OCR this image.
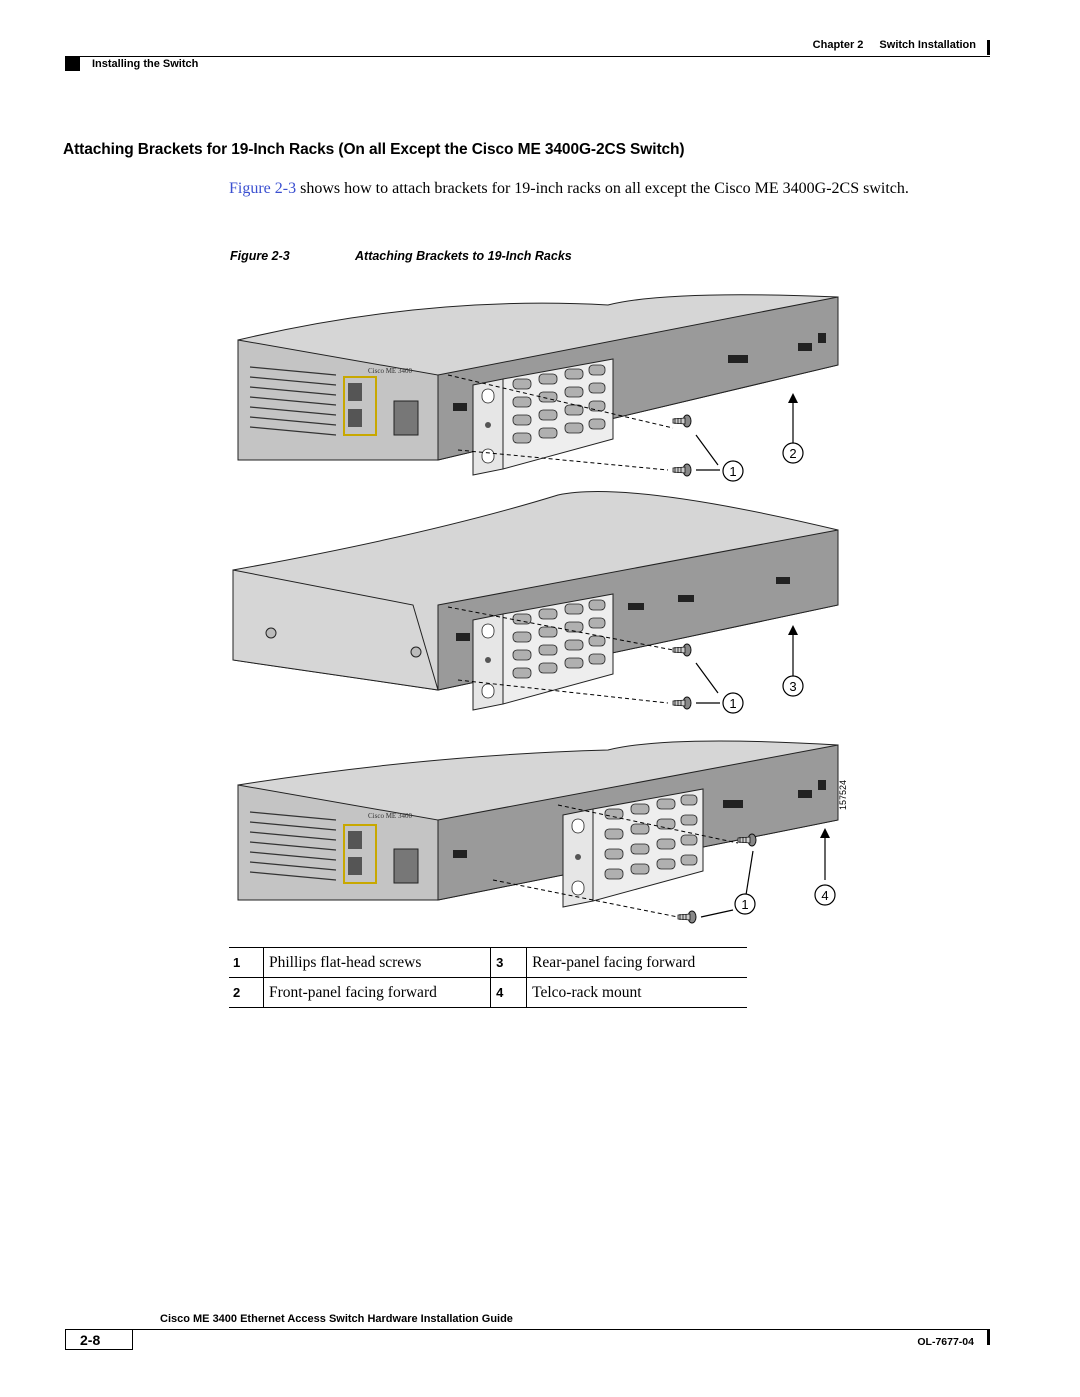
Chapter 2 Switch Installation
Installing the Switch
Attaching Brackets for 19-Inch Racks (On all Except the Cisco ME 3400G-2CS Switch)
Figure 2-3 shows how to attach brackets for 19-inch racks on all except the Cisco ME 3400G-2CS switch.
Figure 2-3	Attaching Brackets to 19-Inch Racks
Cisco ME 3400
1
2
1
3
Cisco ME 3400
1
4
157524
1	Phillips flat-head screws	3	Rear-panel facing forward
2	Front-panel facing forward	4	Telco-rack mount
Cisco ME 3400 Ethernet Access Switch Hardware Installation Guide
2-8	OL-7677-04
